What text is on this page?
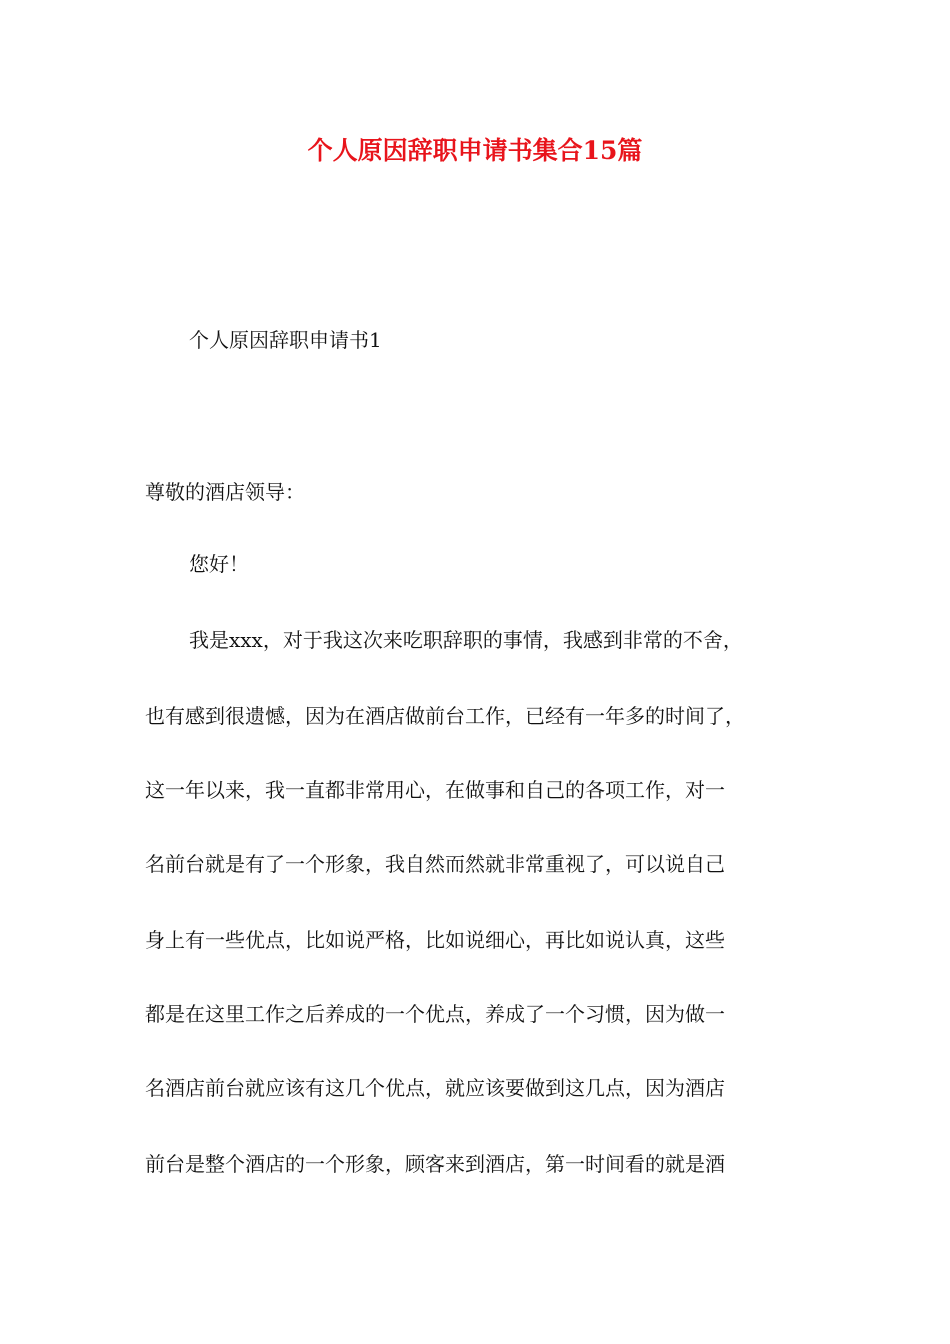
个人原因辞职申请书集合15篇
个人原因辞职申请书1
尊敬的酒店领导：
您好！
我是xxx，对于我这次来吃职辞职的事情，我感到非常的不舍，
也有感到很遗憾，因为在酒店做前台工作，已经有一年多的时间了，
这一年以来，我一直都非常用心，在做事和自己的各项工作，对一
名前台就是有了一个形象，我自然而然就非常重视了，可以说自己
身上有一些优点，比如说严格，比如说细心，再比如说认真，这些
都是在这里工作之后养成的一个优点，养成了一个习惯，因为做一
名酒店前台就应该有这几个优点，就应该要做到这几点，因为酒店
前台是整个酒店的一个形象，顾客来到酒店，第一时间看的就是酒
